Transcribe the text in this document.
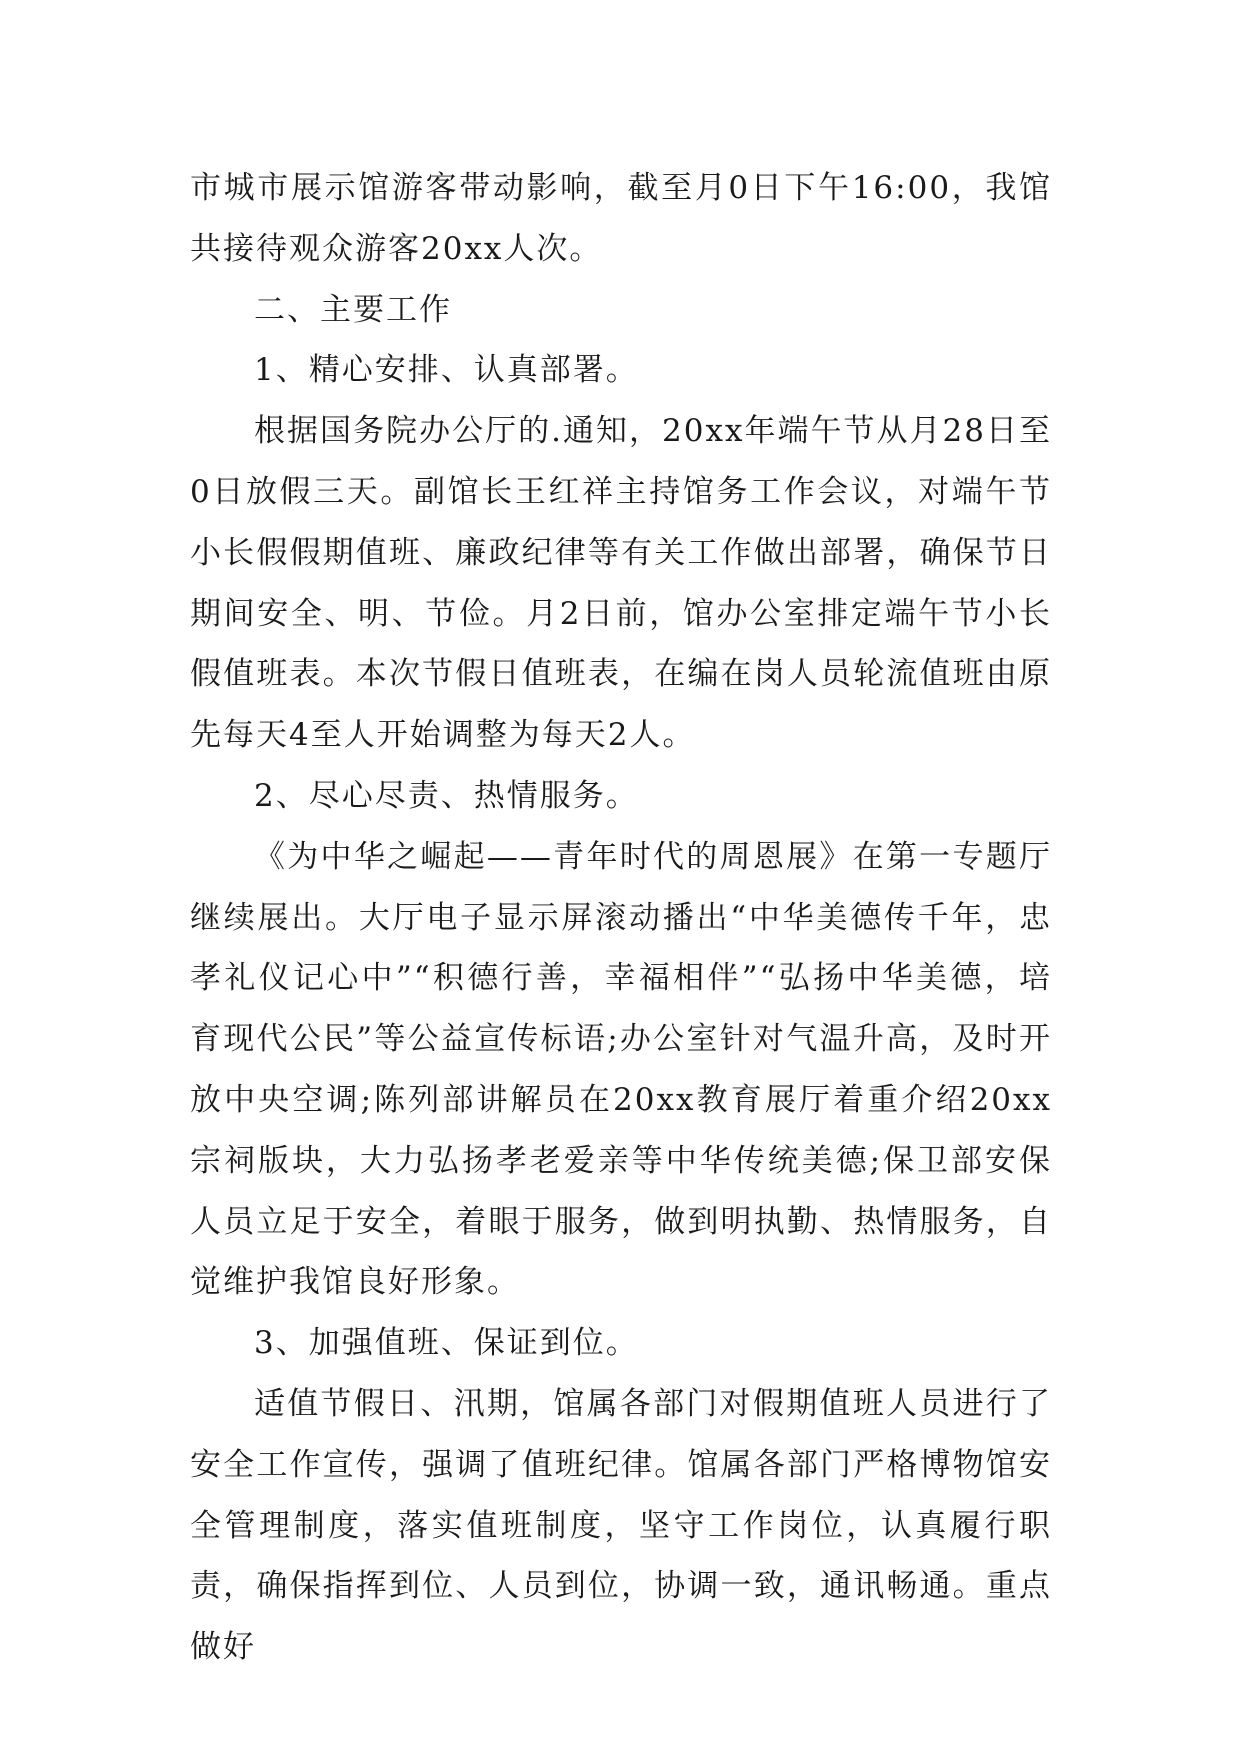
市城市展示馆游客带动影响，截至月0日下午16:00，我馆共接待观众游客20xx人次。

二、主要工作

1、精心安排、认真部署。

根据国务院办公厅的.通知，20xx年端午节从月28日至0日放假三天。副馆长王红祥主持馆务工作会议，对端午节小长假假期值班、廉政纪律等有关工作做出部署，确保节日期间安全、明、节俭。月2日前，馆办公室排定端午节小长假值班表。本次节假日值班表，在编在岗人员轮流值班由原先每天4至人开始调整为每天2人。

2、尽心尽责、热情服务。

《为中华之崛起——青年时代的周恩展》在第一专题厅继续展出。大厅电子显示屏滚动播出“中华美德传千年，忠孝礼仪记心中”“积德行善，幸福相伴”“弘扬中华美德，培育现代公民”等公益宣传标语;办公室针对气温升高，及时开放中央空调;陈列部讲解员在20xx教育展厅着重介绍20xx宗祠版块，大力弘扬孝老爱亲等中华传统美德;保卫部安保人员立足于安全，着眼于服务，做到明执勤、热情服务，自觉维护我馆良好形象。

3、加强值班、保证到位。

适值节假日、汛期，馆属各部门对假期值班人员进行了安全工作宣传，强调了值班纪律。馆属各部门严格博物馆安全管理制度，落实值班制度，坚守工作岗位，认真履行职责，确保指挥到位、人员到位，协调一致，通讯畅通。重点做好
